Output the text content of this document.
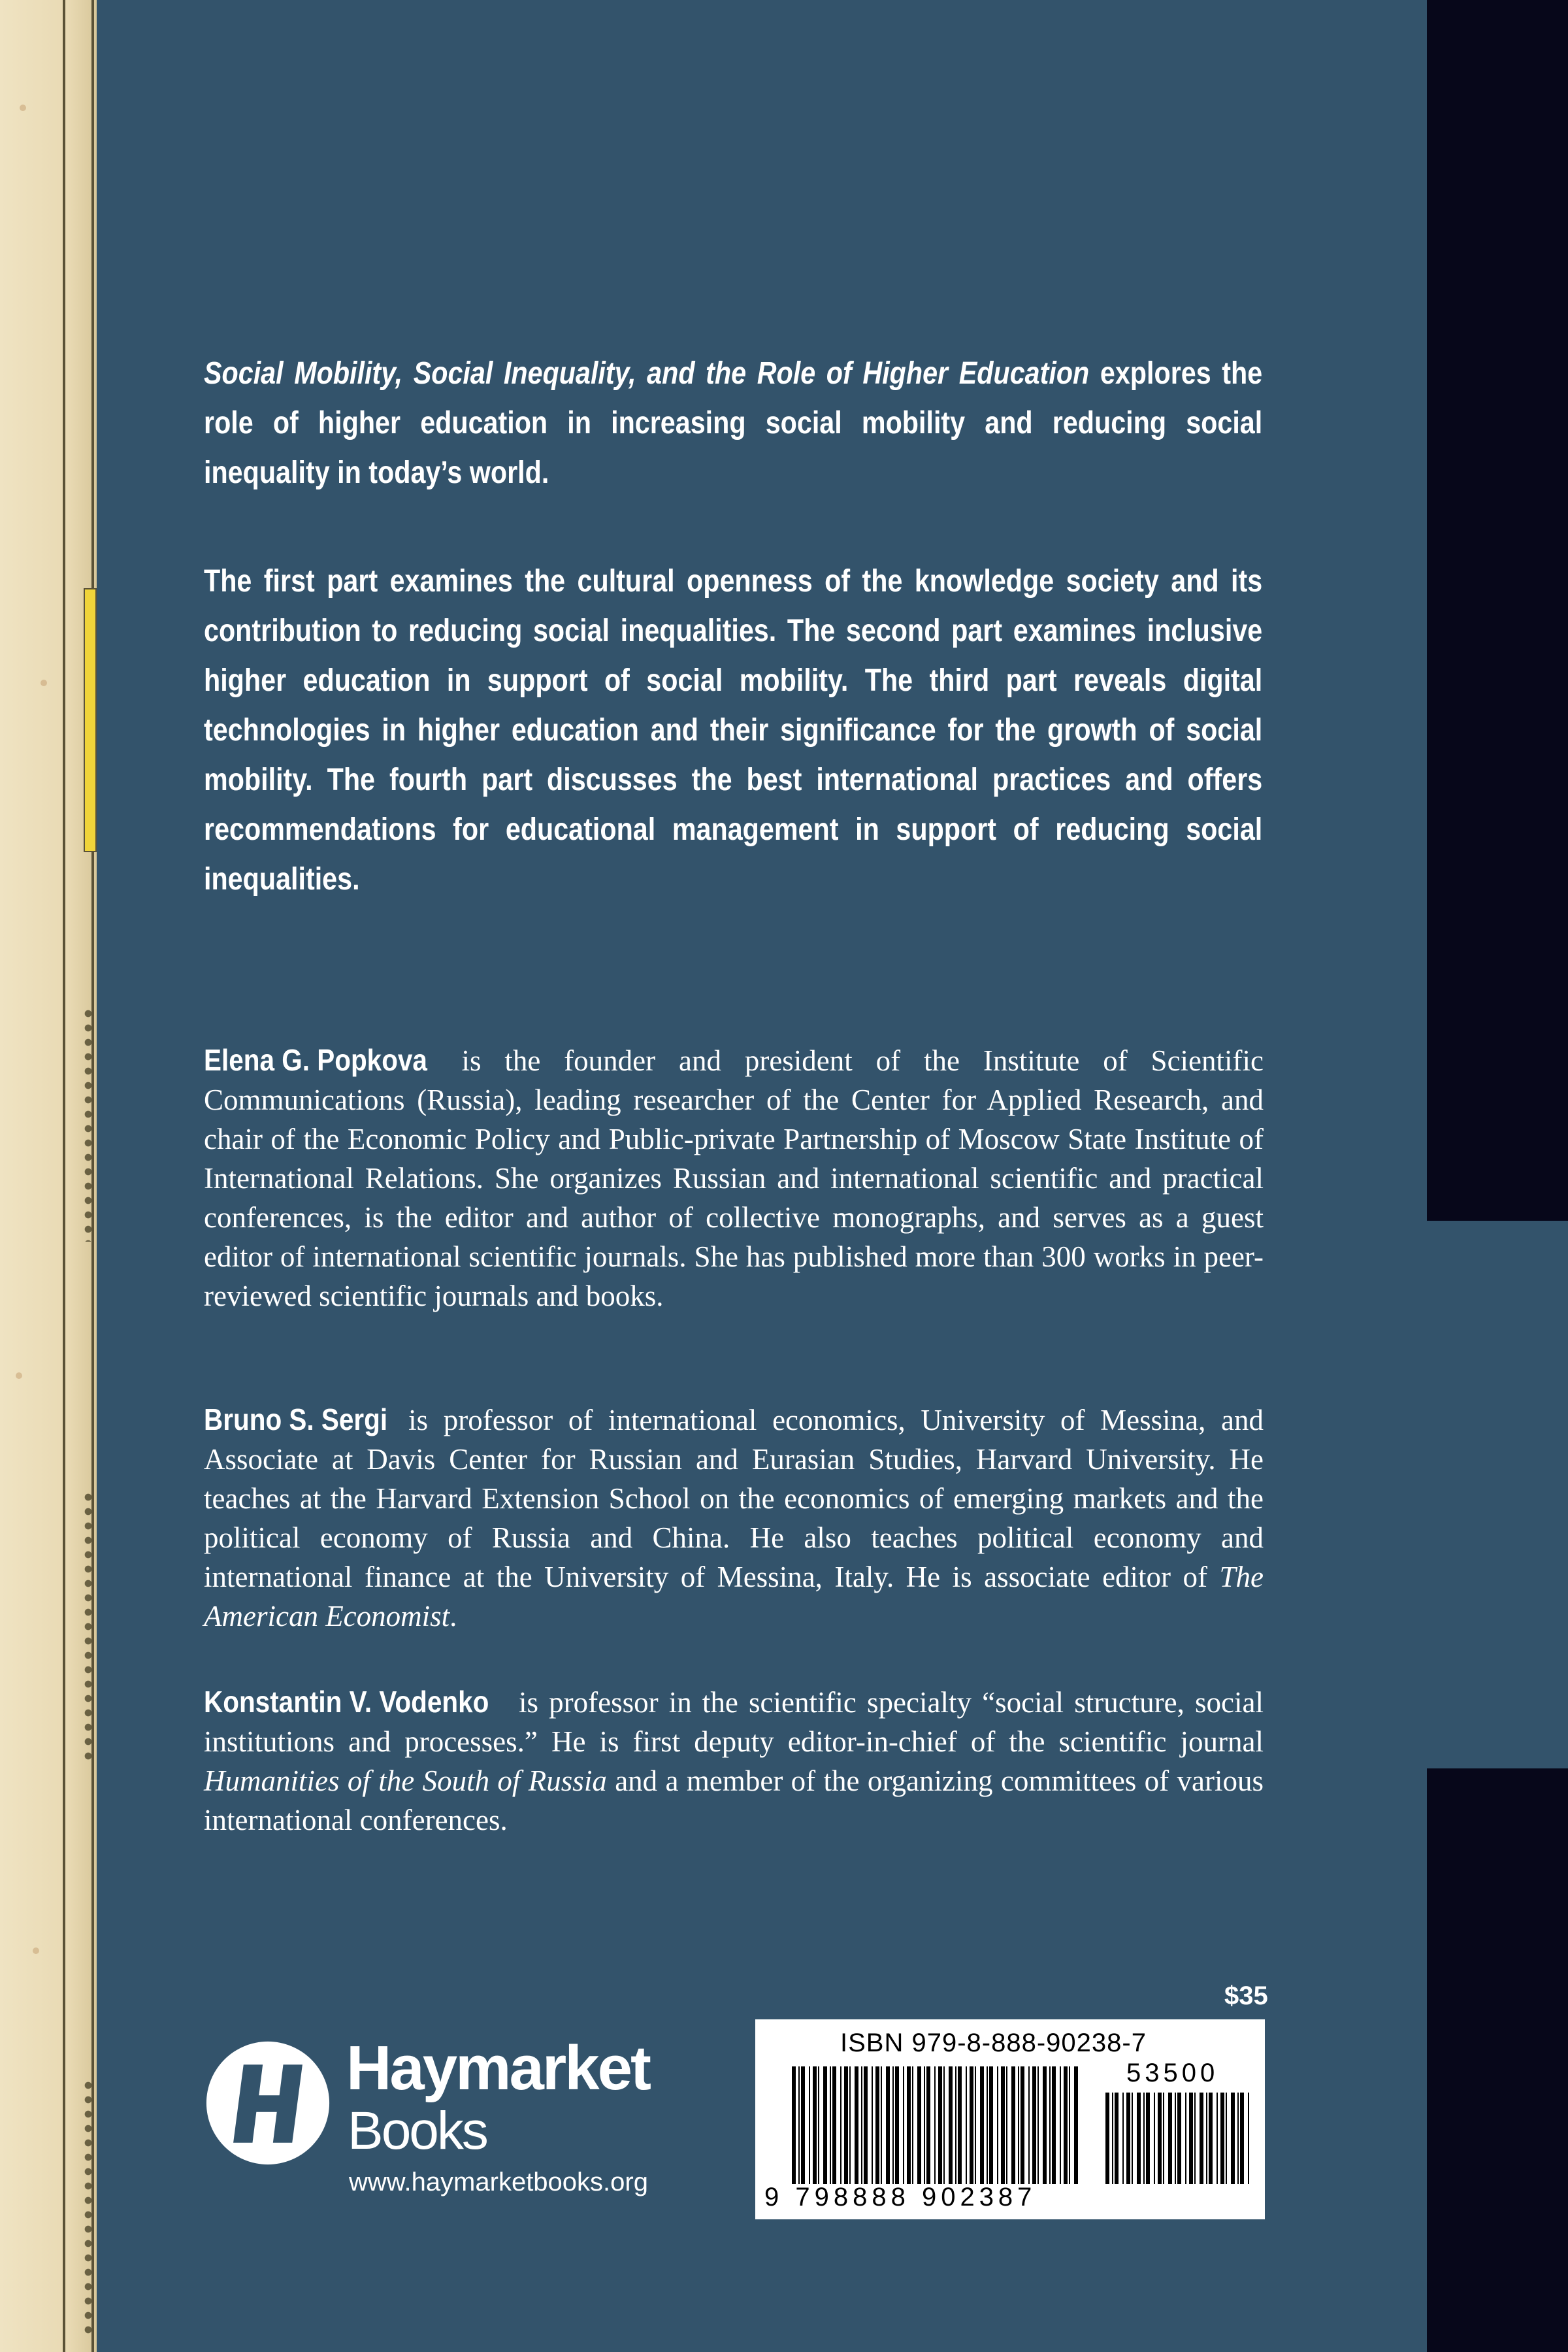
Social Mobility, Social Inequality, and the Role of Higher Education explores the role of higher education in increasing social mobility and reducing social inequality in today’s world.
The first part examines the cultural openness of the knowledge society and its contribution to reducing social inequalities. The second part examines inclusive higher education in support of social mobility. The third part reveals digital technologies in higher education and their significance for the growth of social mobility. The fourth part discusses the best international practices and offers recommendations for educational management in support of reducing social inequalities.
Elena G. Popkova is the founder and president of the Institute of Scientific Communications (Russia), leading researcher of the Center for Applied Research, and chair of the Economic Policy and Public-private Partnership of Moscow State Institute of International Relations. She organizes Russian and international scientific and practical conferences, is the editor and author of collective monographs, and serves as a guest editor of international scientific journals. She has published more than 300 works in peer-reviewed scientific journals and books.
Bruno S. Sergi is professor of international economics, University of Messina, and Associate at Davis Center for Russian and Eurasian Studies, Harvard University. He teaches at the Harvard Extension School on the economics of emerging markets and the political economy of Russia and China. He also teaches political economy and international finance at the University of Messina, Italy. He is associate editor of The American Economist.
Konstantin V. Vodenko is professor in the scientific specialty “social structure, social institutions and processes.” He is first deputy editor-in-chief of the scientific journal Humanities of the South of Russia and a member of the organizing committees of various international conferences.
$35
Haymarket
Books
www.haymarketbooks.org
ISBN 979-8-888-90238-7
53500
9 798888 902387
